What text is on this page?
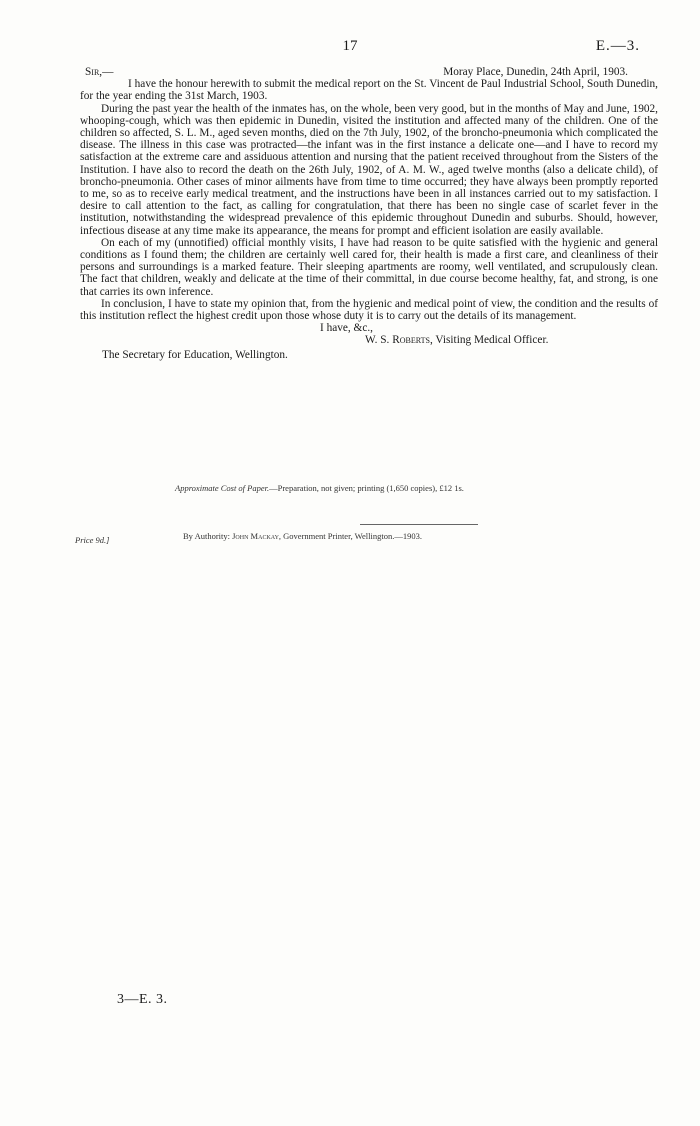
17	E.—3.
Sir,—	Moray Place, Dunedin, 24th April, 1903.

I have the honour herewith to submit the medical report on the St. Vincent de Paul Industrial School, South Dunedin, for the year ending the 31st March, 1903.

During the past year the health of the inmates has, on the whole, been very good, but in the months of May and June, 1902, whooping-cough, which was then epidemic in Dunedin, visited the institution and affected many of the children. One of the children so affected, S. L. M., aged seven months, died on the 7th July, 1902, of the broncho-pneumonia which complicated the disease. The illness in this case was protracted—the infant was in the first instance a delicate one—and I have to record my satisfaction at the extreme care and assiduous attention and nursing that the patient received throughout from the Sisters of the Institution. I have also to record the death on the 26th July, 1902, of A. M. W., aged twelve months (also a delicate child), of broncho-pneumonia. Other cases of minor ailments have from time to time occurred; they have always been promptly reported to me, so as to receive early medical treatment, and the instructions have been in all instances carried out to my satisfaction. I desire to call attention to the fact, as calling for congratulation, that there has been no single case of scarlet fever in the institution, notwithstanding the widespread prevalence of this epidemic throughout Dunedin and suburbs. Should, however, infectious disease at any time make its appearance, the means for prompt and efficient isolation are easily available.

On each of my (unnotified) official monthly visits, I have had reason to be quite satisfied with the hygienic and general conditions as I found them; the children are certainly well cared for, their health is made a first care, and cleanliness of their persons and surroundings is a marked feature. Their sleeping apartments are roomy, well ventilated, and scrupulously clean. The fact that children, weakly and delicate at the time of their committal, in due course become healthy, fat, and strong, is one that carries its own inference.

In conclusion, I have to state my opinion that, from the hygienic and medical point of view, the condition and the results of this institution reflect the highest credit upon those whose duty it is to carry out the details of its management.

I have, &c.,
W. S. Roberts, Visiting Medical Officer.
The Secretary for Education, Wellington.
Approximate Cost of Paper.—Preparation, not given; printing (1,650 copies), £12 1s.
Price 9d.]	By Authority: John Mackay, Government Printer, Wellington.—1903.
3—E. 3.
